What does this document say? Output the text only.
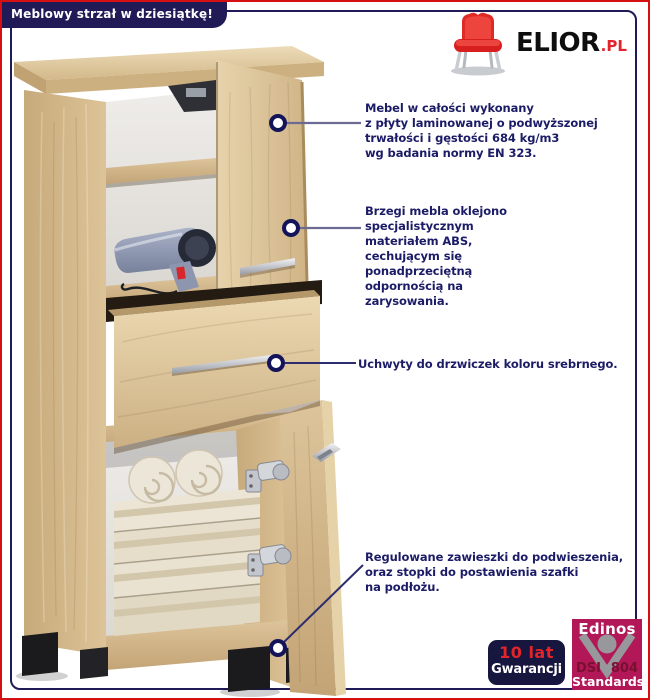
Meblowy strzał w dziesiątkę!
ELIOR .PL
Mebel w całości wykonany
z płyty laminowanej o podwyższonej
trwałości i gęstości 684 kg/m3
wg badania normy EN 323.
Brzegi mebla oklejono
specjalistycznym
materiałem ABS,
cechującym się
ponadprzeciętną
odpornością na
zarysowania.
Uchwyty do drzwiczek koloru srebrnego.
Regulowane zawieszki do podwieszenia,
oraz stopki do postawienia szafki
na podłożu.
10 lat
Gwarancji
Edinos
DSI 804
Standards
